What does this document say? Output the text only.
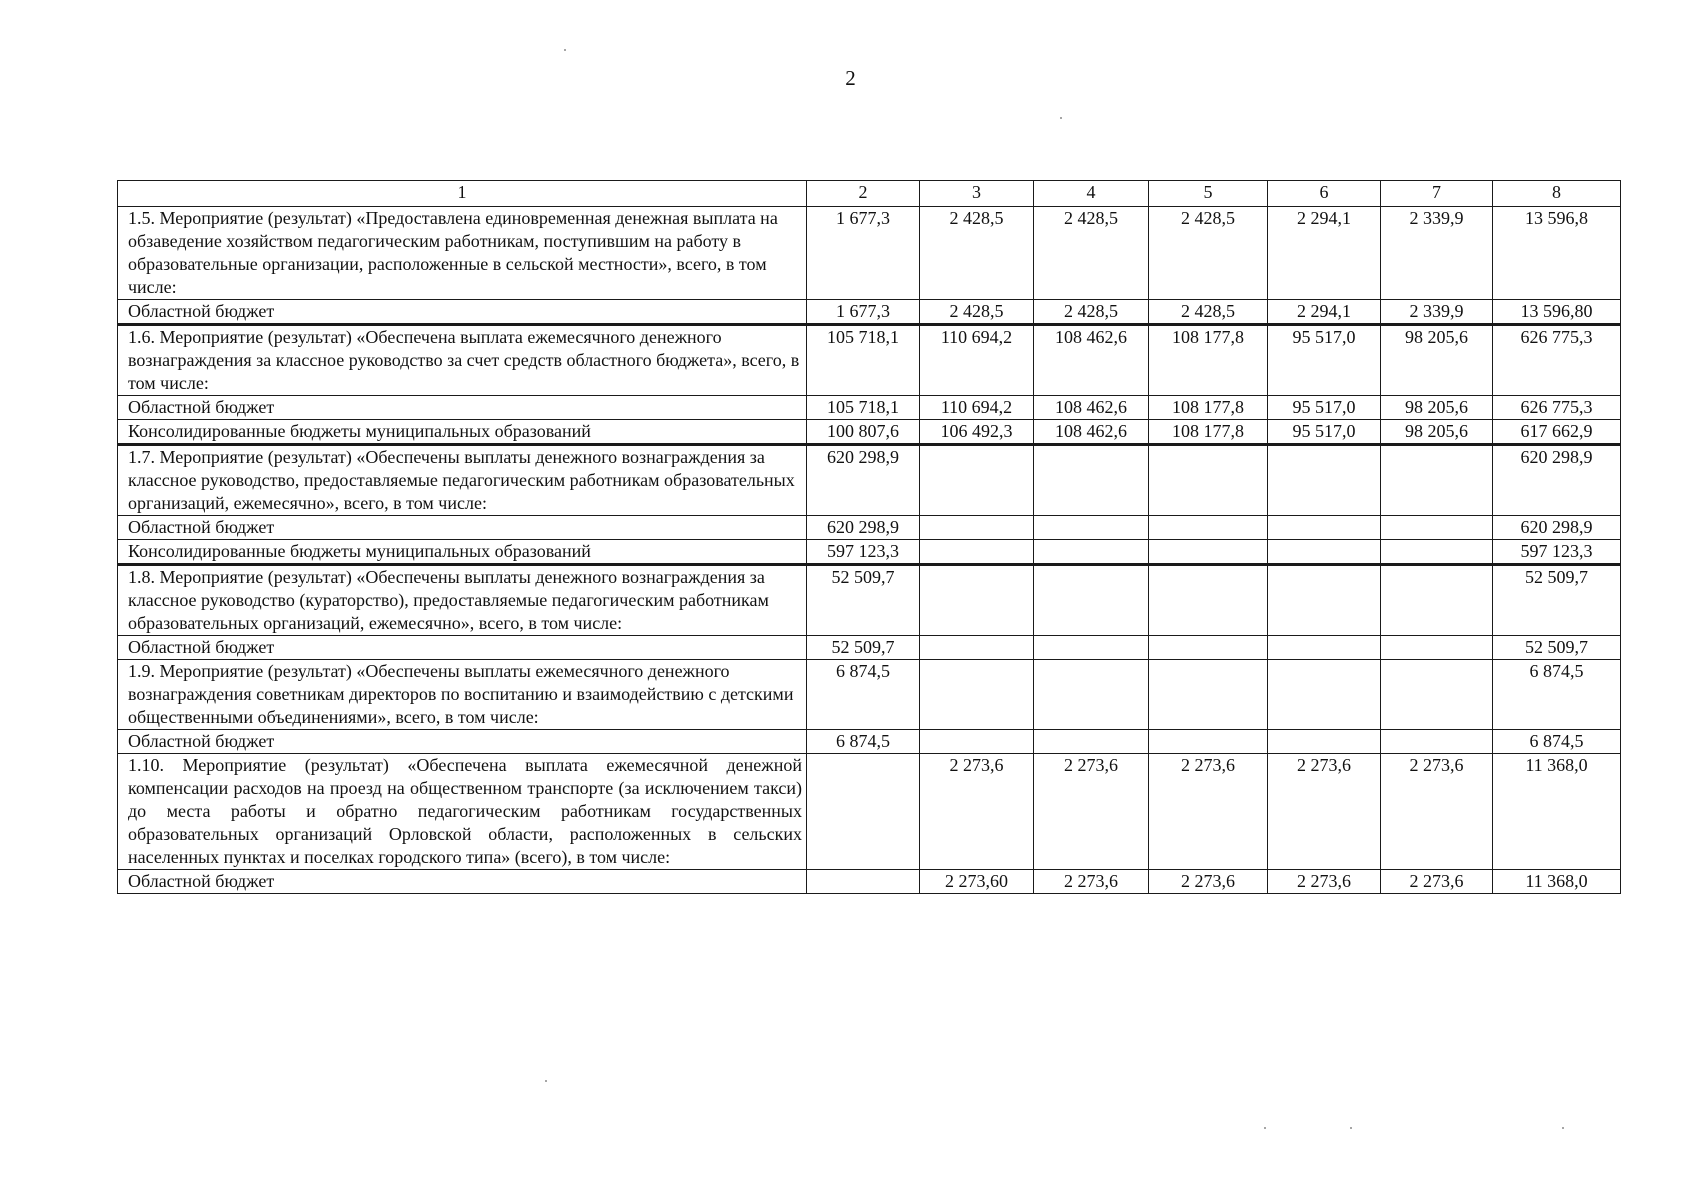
2
1	2	3	4	5	6	7	8
1.5. Мероприятие (результат) «Предоставлена единовременная денежная выплата на обзаведение хозяйством педагогическим работникам, поступившим на работу в образовательные организации, расположенные в сельской местности», всего, в том числе:	1 677,3	2 428,5	2 428,5	2 428,5	2 294,1	2 339,9	13 596,8
Областной бюджет	1 677,3	2 428,5	2 428,5	2 428,5	2 294,1	2 339,9	13 596,80
1.6. Мероприятие (результат) «Обеспечена выплата ежемесячного денежного вознаграждения за классное руководство за счет средств областного бюджета», всего, в том числе:	105 718,1	110 694,2	108 462,6	108 177,8	95 517,0	98 205,6	626 775,3
Областной бюджет	105 718,1	110 694,2	108 462,6	108 177,8	95 517,0	98 205,6	626 775,3
Консолидированные бюджеты муниципальных образований	100 807,6	106 492,3	108 462,6	108 177,8	95 517,0	98 205,6	617 662,9
1.7. Мероприятие (результат) «Обеспечены выплаты денежного вознаграждения за классное руководство, предоставляемые педагогическим работникам образовательных организаций, ежемесячно», всего, в том числе:	620 298,9						620 298,9
Областной бюджет	620 298,9						620 298,9
Консолидированные бюджеты муниципальных образований	597 123,3						597 123,3
1.8. Мероприятие (результат) «Обеспечены выплаты денежного вознаграждения за классное руководство (кураторство), предоставляемые педагогическим работникам образовательных организаций, ежемесячно», всего, в том числе:	52 509,7						52 509,7
Областной бюджет	52 509,7						52 509,7
1.9. Мероприятие (результат) «Обеспечены выплаты ежемесячного денежного вознаграждения советникам директоров по воспитанию и взаимодействию с детскими общественными объединениями», всего, в том числе:	6 874,5						6 874,5
Областной бюджет	6 874,5						6 874,5
1.10. Мероприятие (результат) «Обеспечена выплата ежемесячной денежной компенсации расходов на проезд на общественном транспорте (за исключением такси) до места работы и обратно педагогическим работникам государственных образовательных организаций Орловской области, расположенных в сельских населенных пунктах и поселках городского типа» (всего), в том числе:		2 273,6	2 273,6	2 273,6	2 273,6	2 273,6	11 368,0
Областной бюджет		2 273,60	2 273,6	2 273,6	2 273,6	2 273,6	11 368,0
